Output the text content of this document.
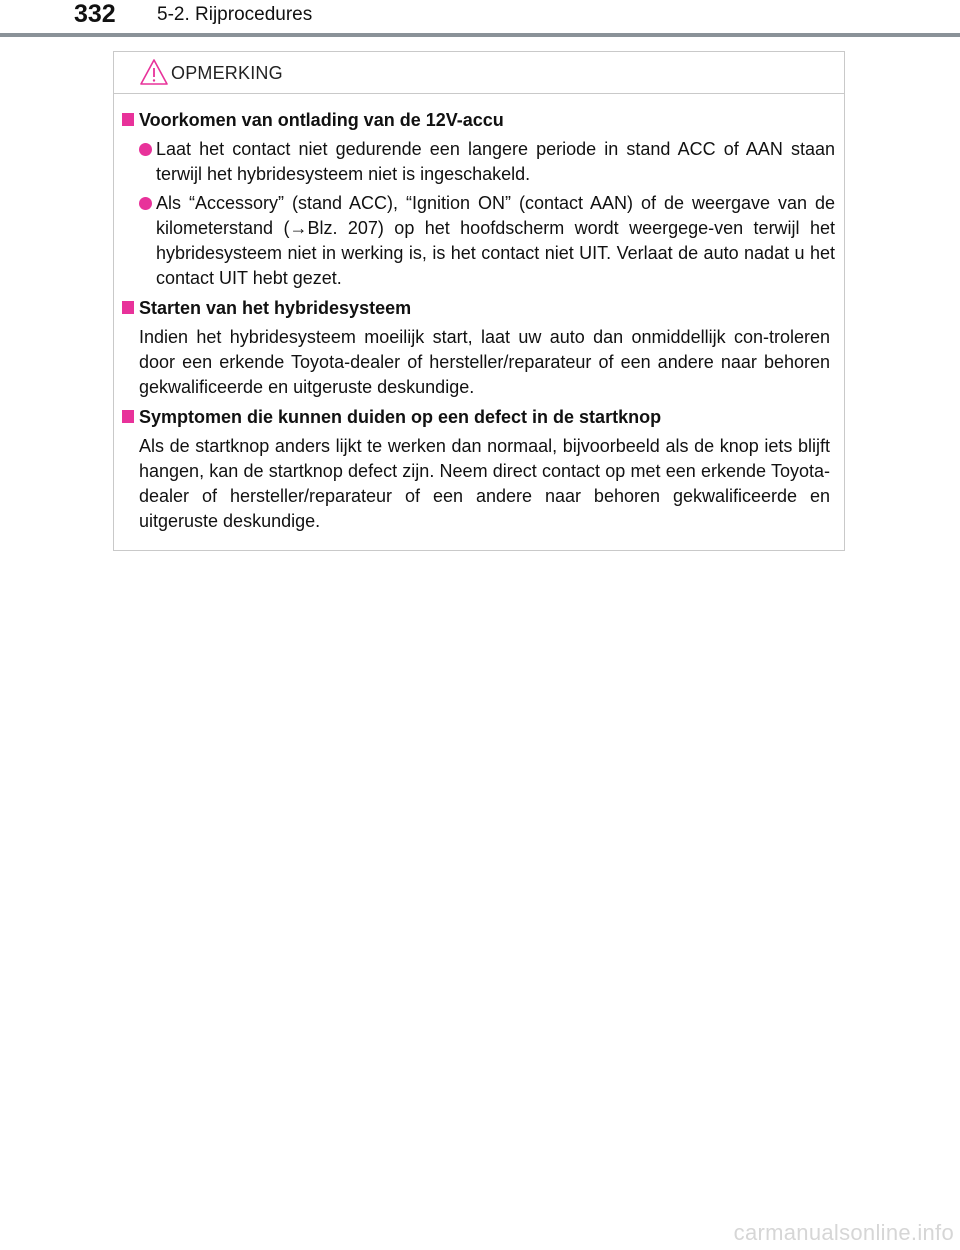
332 5-2. Rijprocedures
OPMERKING
Voorkomen van ontlading van de 12V-accu
Laat het contact niet gedurende een langere periode in stand ACC of AAN staan terwijl het hybridesysteem niet is ingeschakeld.
Als “Accessory” (stand ACC), “Ignition ON” (contact AAN) of de weergave van de kilometerstand (→Blz. 207) op het hoofdscherm wordt weergege-ven terwijl het hybridesysteem niet in werking is, is het contact niet UIT. Verlaat de auto nadat u het contact UIT hebt gezet.
Starten van het hybridesysteem
Indien het hybridesysteem moeilijk start, laat uw auto dan onmiddellijk con-troleren door een erkende Toyota-dealer of hersteller/reparateur of een andere naar behoren gekwalificeerde en uitgeruste deskundige.
Symptomen die kunnen duiden op een defect in de startknop
Als de startknop anders lijkt te werken dan normaal, bijvoorbeeld als de knop iets blijft hangen, kan de startknop defect zijn. Neem direct contact op met een erkende Toyota-dealer of hersteller/reparateur of een andere naar behoren gekwalificeerde en uitgeruste deskundige.
carmanualsonline.info
